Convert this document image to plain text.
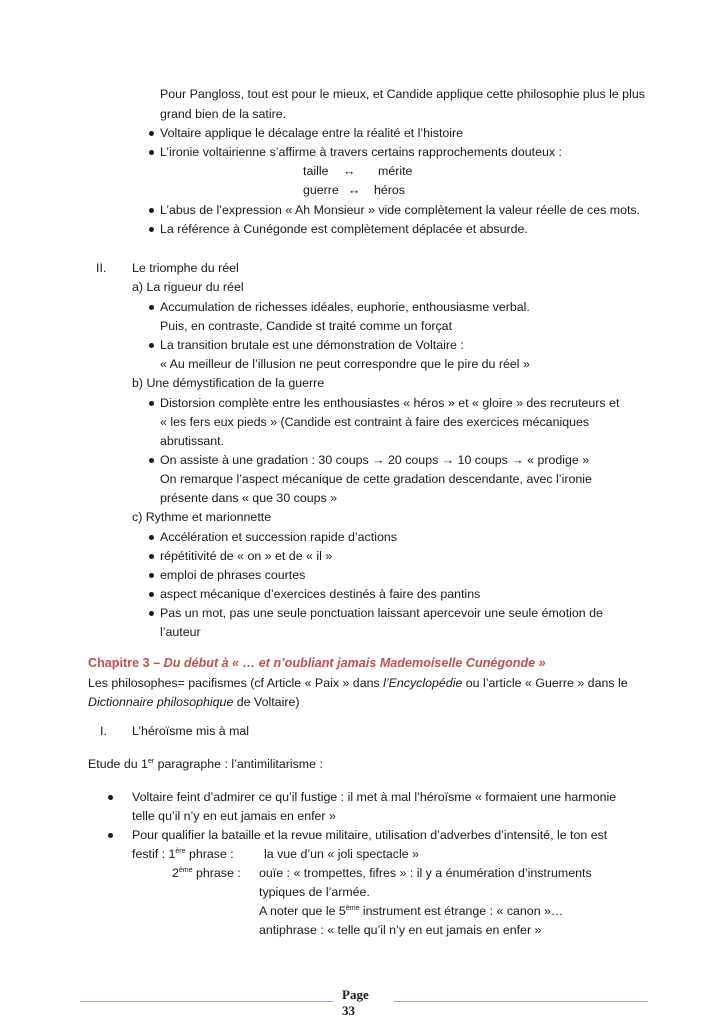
Pour Pangloss, tout est pour le mieux, et Candide applique cette philosophie plus le plus
grand bien de la satire.
Voltaire applique le décalage entre la réalité et l’histoire
L’ironie voltairienne s’affirme à travers certains rapprochements douteux :
taille ↔ mérite
guerre ↔ héros
L’abus de l’expression « Ah Monsieur » vide complètement la valeur réelle de ces mots.
La référence à Cunégonde est complètement déplacée et absurde.
II. Le triomphe du réel
a) La rigueur du réel
Accumulation de richesses idéales, euphorie, enthousiasme verbal.
Puis, en contraste, Candide st traité comme un forçat
La transition brutale est une démonstration de Voltaire :
« Au meilleur de l’illusion ne peut correspondre que le pire du réel »
b) Une démystification de la guerre
Distorsion complète entre les enthousiastes « héros » et « gloire » des recruteurs et
« les fers eux pieds » (Candide est contraint à faire des exercices mécaniques
abrutissant.
On assiste à une gradation : 30 coups → 20 coups → 10 coups → « prodige »
On remarque l’aspect mécanique de cette gradation descendante, avec l’ironie
présente dans « que 30 coups »
c) Rythme et marionnette
Accélération et succession rapide d’actions
répétitivité de « on » et de « il »
emploi de phrases courtes
aspect mécanique d’exercices destinés à faire des pantins
Pas un mot, pas une seule ponctuation laissant apercevoir une seule émotion de
l’auteur
Chapitre 3 – Du début à « … et n’oubliant jamais Mademoiselle Cunégonde »
Les philosophes= pacifismes (cf Article « Paix » dans l’Encyclopédie ou l’article « Guerre » dans le
Dictionnaire philosophique de Voltaire)
I. L’héroïsme mis à mal
Etude du 1er paragraphe : l’antimilitarisme :
Voltaire feint d’admirer ce qu’il fustige : il met à mal l’héroïsme « formaient une harmonie
telle qu’il n’y en eut jamais en enfer »
Pour qualifier la bataille et la revue militaire, utilisation d’adverbes d’intensité, le ton est
festif : 1ère phrase : la vue d’un « joli spectacle »
2ème phrase : ouïe : « trompettes, fifres » : il y a énumération d’instruments
typiques de l’armée.
A noter que le 5ème instrument est étrange : « canon »…
antiphrase : « telle qu’il n’y en eut jamais en enfer »
Page
33
